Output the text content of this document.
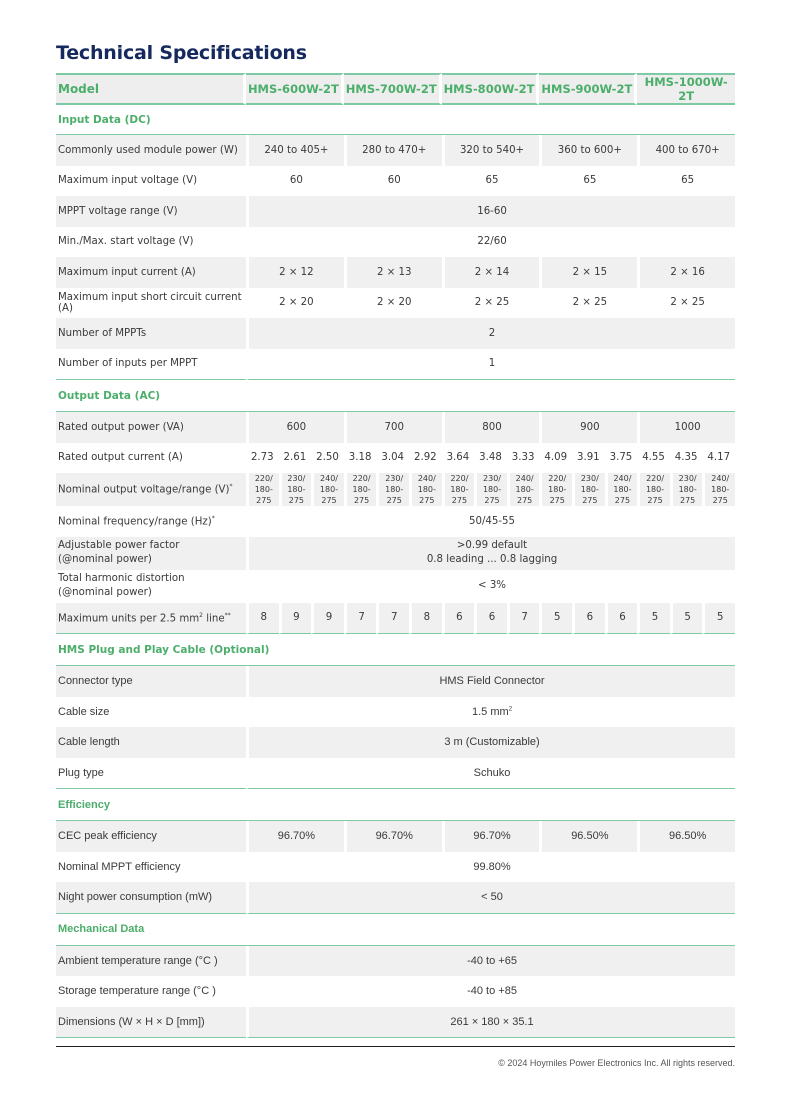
Technical Specifications
Model	HMS-600W-2T			HMS-700W-2T			HMS-800W-2T			HMS-900W-2T			HMS-1000W-2T		
Input Data (DC)															
Commonly used module power (W)	240 to 405+			280 to 470+			320 to 540+			360 to 600+			400 to 670+		
Maximum input voltage (V)	60			60			65			65			65		
MPPT voltage range (V)	16-60														
Min./Max. start voltage (V)	22/60														
Maximum input current (A)	2 × 12			2 × 13			2 × 14			2 × 15			2 × 16		
Maximum input short circuit current (A)	2 × 20			2 × 20			2 × 25			2 × 25			2 × 25		
Number of MPPTs	2														
Number of inputs per MPPT	1														
Output Data (AC)															
Rated output power (VA)	600			700			800			900			1000		
Rated output current (A)	2.73	2.61	2.50	3.18	3.04	2.92	3.64	3.48	3.33	4.09	3.91	3.75	4.55	4.35	4.17
Nominal output voltage/range (V)*	220/
180-275	230/
180-275	240/
180-275	220/
180-275	230/
180-275	240/
180-275	220/
180-275	230/
180-275	240/
180-275	220/
180-275	230/
180-275	240/
180-275	220/
180-275	230/
180-275	240/
180-275
Nominal frequency/range (Hz)*	50/45-55														
Adjustable power factor
(@nominal power)	>0.99 default
0.8 leading ... 0.8 lagging														
Total harmonic distortion
(@nominal power)	< 3%														
Maximum units per 2.5 $mm^2$ line**	8	9	9	7	7	8	6	6	7	5	6	6	5	5	5
HMS Plug and Play Cable (Optional)															
Connector type	HMS Field Connector														
Cable size	1.5 $mm^2$
Cable length	3 m (Customizable)														
Plug type	Schuko														
Efficiency															
CEC peak efficiency	96.70%			96.70%			96.70%			96.50%			96.50%		
Nominal MPPT efficiency	99.80%														
Night power consumption (mW)	< 50														
Mechanical Data															
Ambient temperature range (°C )	-40 to +65														
Storage temperature range (°C )	-40 to +85														
Dimensions (W × H × D [mm])	261 × 180 × 35.1														
© 2024 Hoymiles Power Electronics Inc. All rights reserved.
